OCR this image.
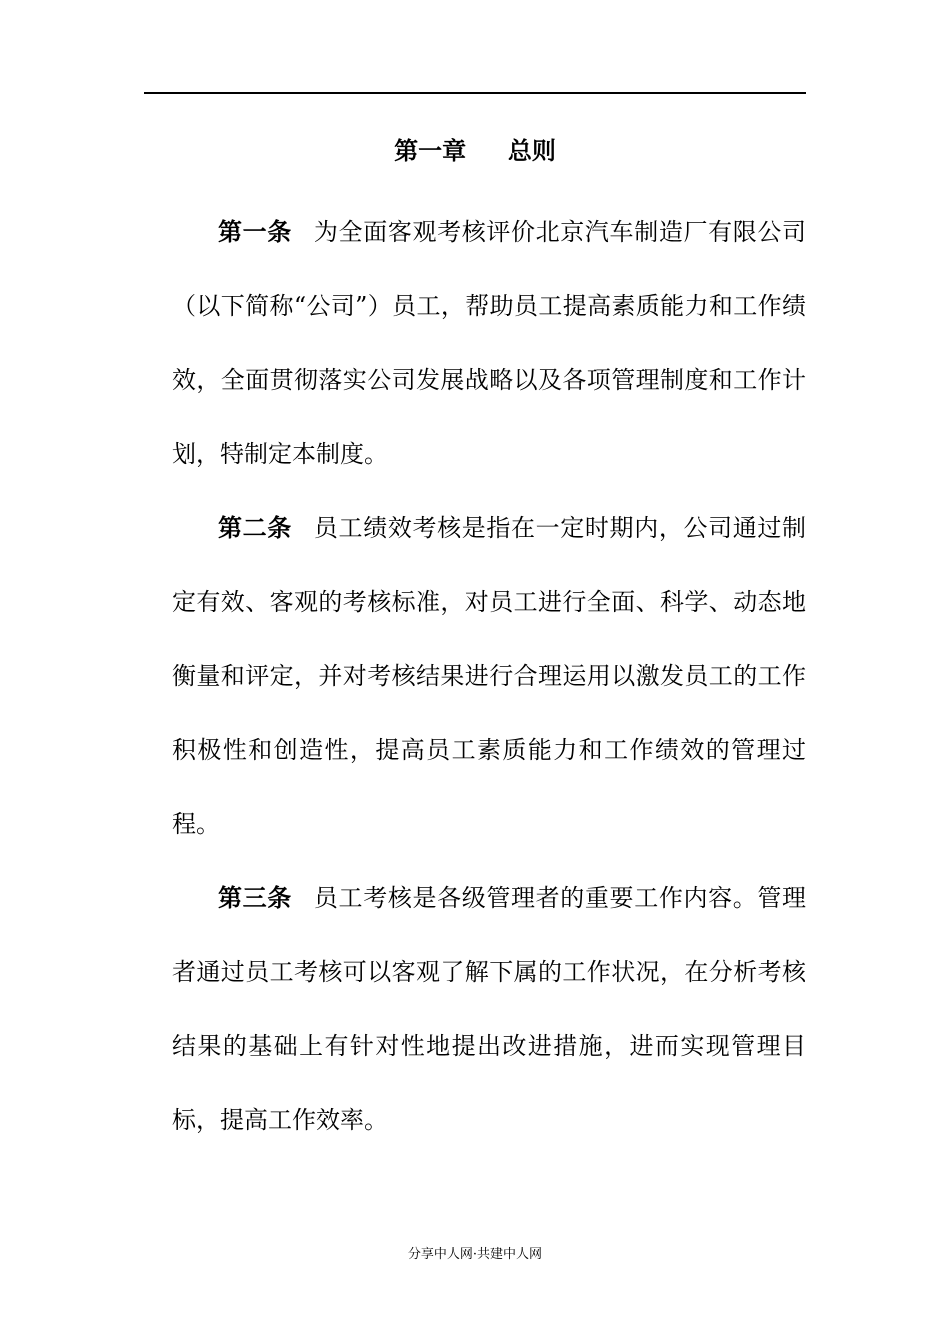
第一章     总则

第一条 为全面客观考核评价北京汽车制造厂有限公司（以下简称“公司”）员工，帮助员工提高素质能力和工作绩效，全面贯彻落实公司发展战略以及各项管理制度和工作计划，特制定本制度。

第二条 员工绩效考核是指在一定时期内，公司通过制定有效、客观的考核标准，对员工进行全面、科学、动态地衡量和评定，并对考核结果进行合理运用以激发员工的工作积极性和创造性，提高员工素质能力和工作绩效的管理过程。

第三条 员工考核是各级管理者的重要工作内容。管理者通过员工考核可以客观了解下属的工作状况，在分析考核结果的基础上有针对性地提出改进措施，进而实现管理目标，提高工作效率。

分享中人网·共建中人网
